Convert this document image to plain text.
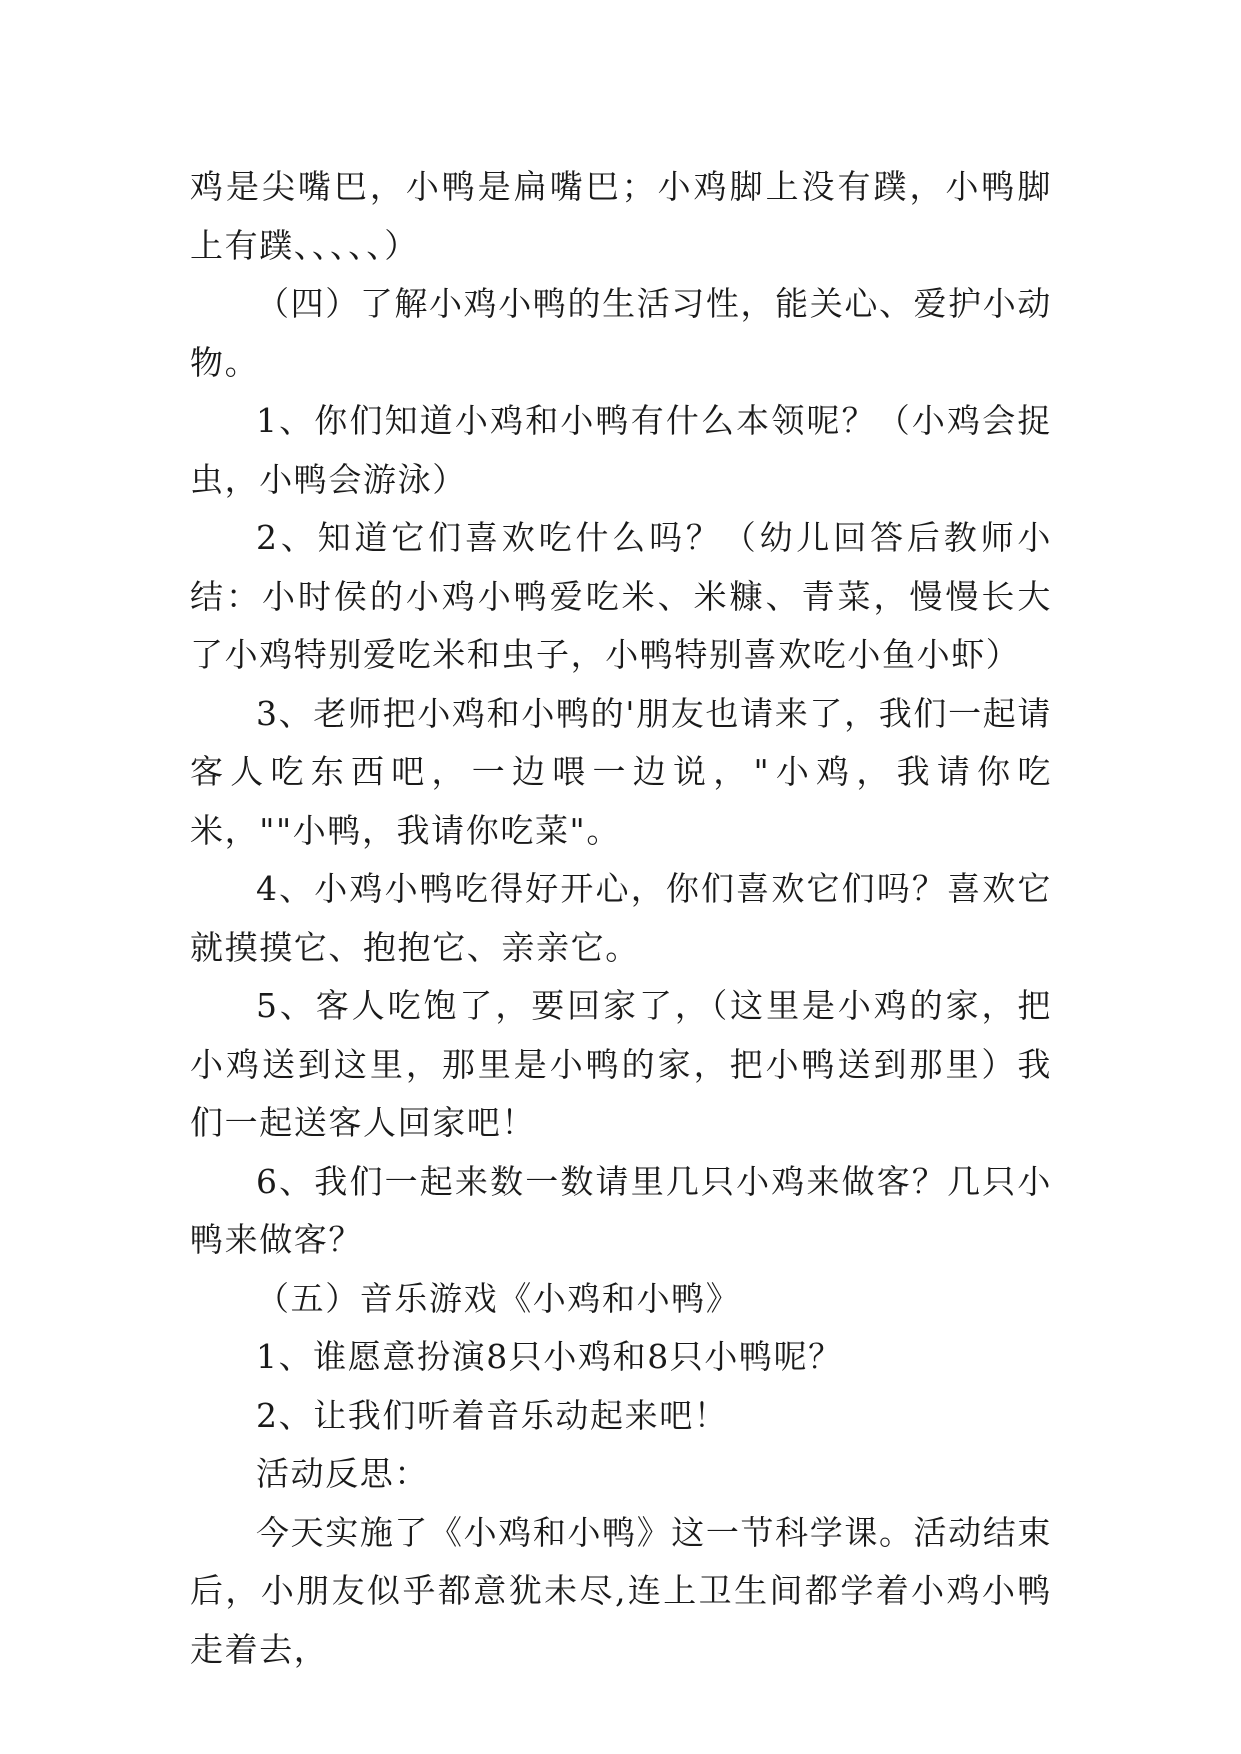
鸡是尖嘴巴，小鸭是扁嘴巴；小鸡脚上没有蹼，小鸭脚上有蹼、、、、、）

（四）了解小鸡小鸭的生活习性，能关心、爱护小动物。

1、你们知道小鸡和小鸭有什么本领呢？（小鸡会捉虫，小鸭会游泳）

2、知道它们喜欢吃什么吗？（幼儿回答后教师小结：小时侯的小鸡小鸭爱吃米、米糠、青菜，慢慢长大了小鸡特别爱吃米和虫子，小鸭特别喜欢吃小鱼小虾）

3、老师把小鸡和小鸭的'朋友也请来了，我们一起请客人吃东西吧，一边喂一边说，"小鸡，我请你吃米，""小鸭，我请你吃菜"。

4、小鸡小鸭吃得好开心，你们喜欢它们吗？喜欢它就摸摸它、抱抱它、亲亲它。

5、客人吃饱了，要回家了，（这里是小鸡的家，把小鸡送到这里，那里是小鸭的家，把小鸭送到那里）我们一起送客人回家吧！

6、我们一起来数一数请里几只小鸡来做客？几只小鸭来做客？

（五）音乐游戏《小鸡和小鸭》

1、谁愿意扮演8只小鸡和8只小鸭呢？

2、让我们听着音乐动起来吧！

活动反思：

今天实施了《小鸡和小鸭》这一节科学课。活动结束后，小朋友似乎都意犹未尽,连上卫生间都学着小鸡小鸭走着去，
